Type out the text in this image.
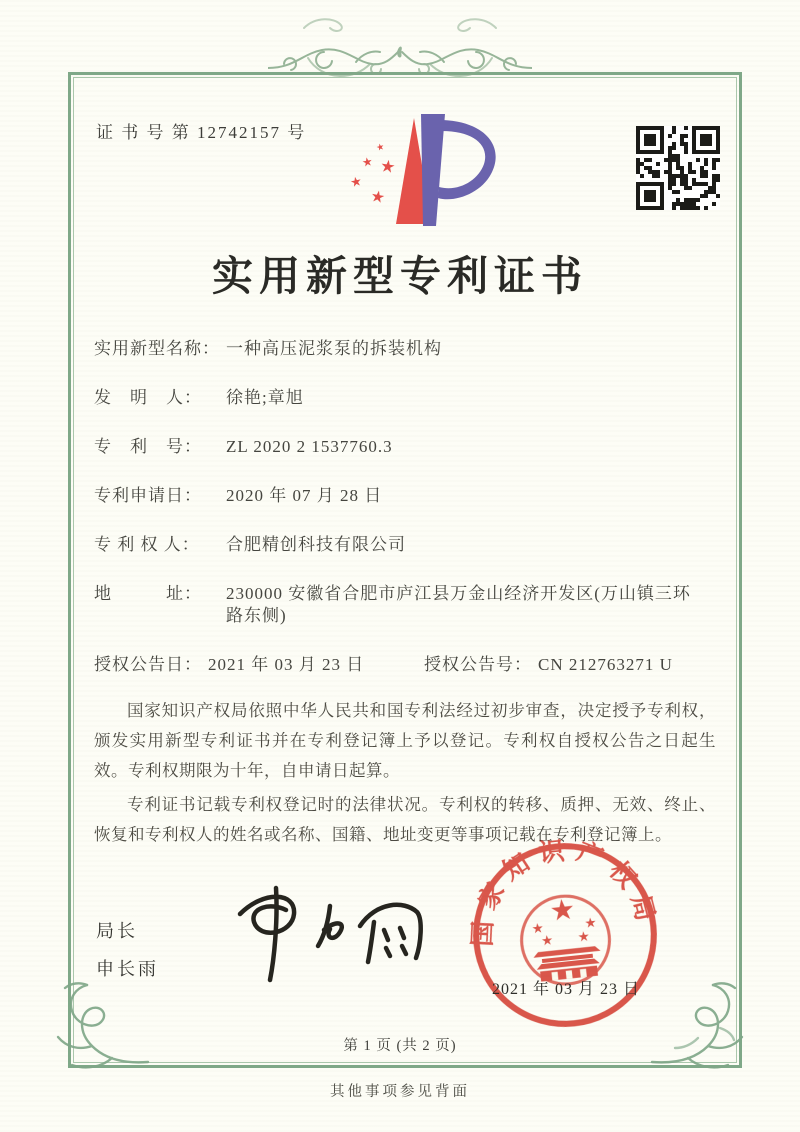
证 书 号 第 12742157 号
★
★ ★
★
★
实用新型专利证书
实用新型名称： 一种高压泥浆泵的拆装机构
发　明　人：	徐艳;章旭
专　利　号：	ZL 2020 2 1537760.3
专利申请日：	2020 年 07 月 28 日
专 利 权 人：	合肥精创科技有限公司
地　　　址：	230000 安徽省合肥市庐江县万金山经济开发区(万山镇三环路东侧)
授权公告日： 2021 年 03 月 23 日	授权公告号： CN 212763271 U

国家知识产权局依照中华人民共和国专利法经过初步审查，决定授予专利权，颁发实用新型专利证书并在专利登记簿上予以登记。专利权自授权公告之日起生效。专利权期限为十年，自申请日起算。

专利证书记载专利权登记时的法律状况。专利权的转移、质押、无效、终止、恢复和专利权人的姓名或名称、国籍、地址变更等事项记载在专利登记簿上。

局长
申长雨
国家知识产权局
★
★	★
★ ★
2021 年 03 月 23 日
第 1 页 (共 2 页)
其他事项参见背面
